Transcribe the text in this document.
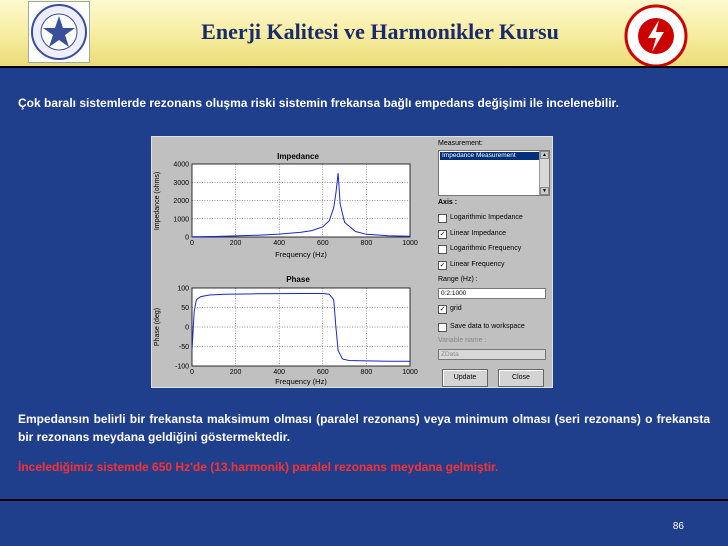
Enerji Kalitesi ve Harmonikler Kursu
Çok baralı sistemlerde rezonans oluşma riski sistemin frekansa bağlı empedans değişimi ile incelenebilir.
Impedance
4000
3000
2000
1000
0
0	200	400	600	800	1000
Impedance (ohms)
Frequency (Hz)
Phase
100
50
0
-50
-100
0	200	400	600	800	1000
Phase (deg)
Frequency (Hz)
Measurement:
Impedance Measurement	▲
▼
Axis :
Logarithmic Impedance
✓ Linear Impedance
Logarithmic Frequency
✓ Linear Frequency
Range (Hz) :
0:2:1000
✓ grid
Save data to workspace
Variable name :
ZData
Update	Close
Empedansın belirli bir frekansta maksimum olması (paralel rezonans) veya minimum olması (seri rezonans) o frekansta bir rezonans meydana geldiğini göstermektedir.
İncelediğimiz sistemde 650 Hz'de (13.harmonik) paralel rezonans meydana gelmiştir.
86
